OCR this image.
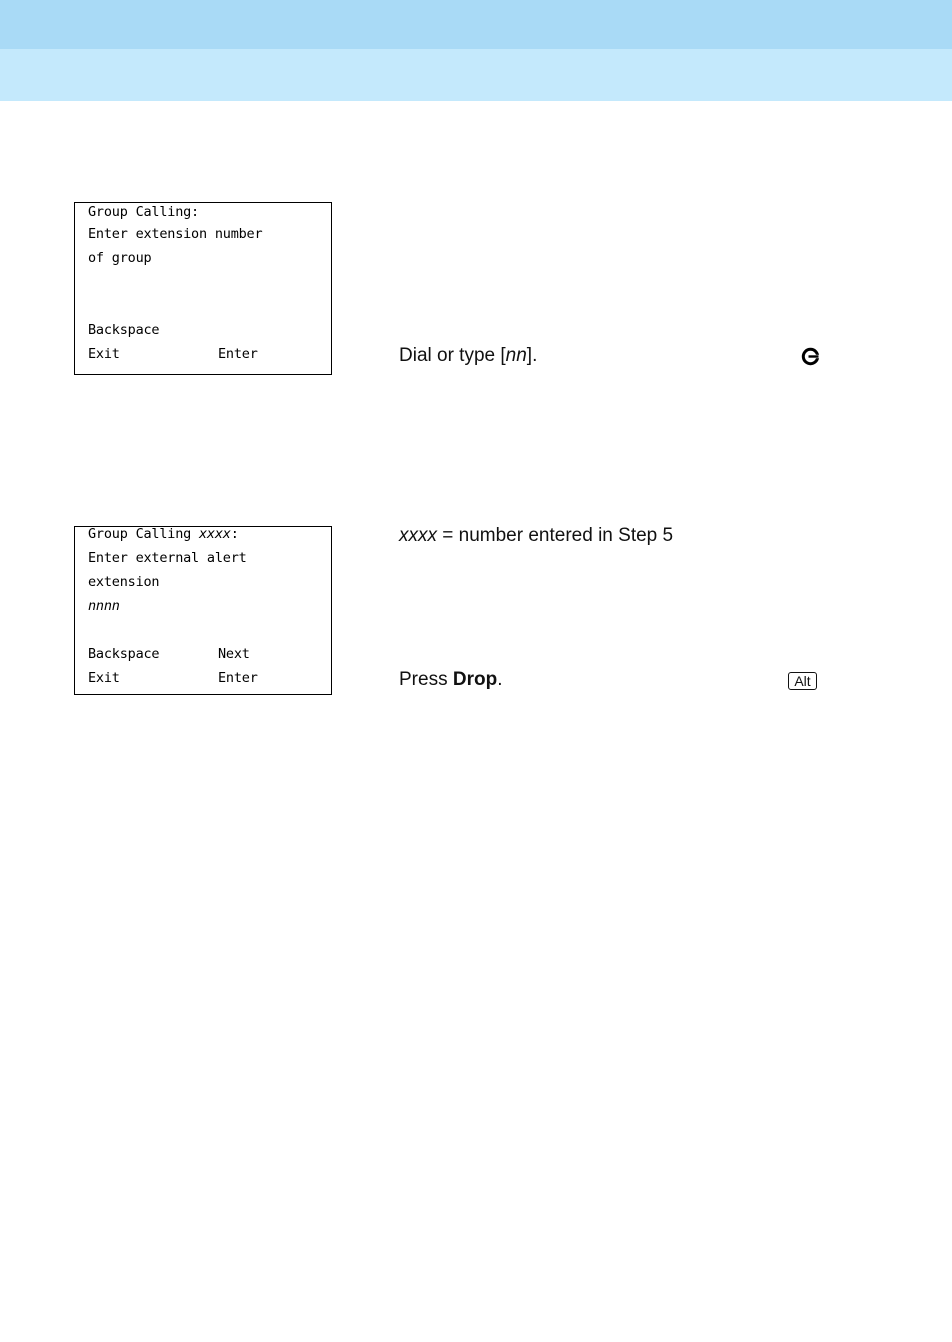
Group Calling:
Enter extension number
of group
Backspace
Exit	Enter	Dial or type [nn].
Group Calling xxxx:
Enter external alert
extension
nnnn
Backspace	Next
Exit	Enter
xxxx = number entered in Step 5
Press Drop.	Alt
